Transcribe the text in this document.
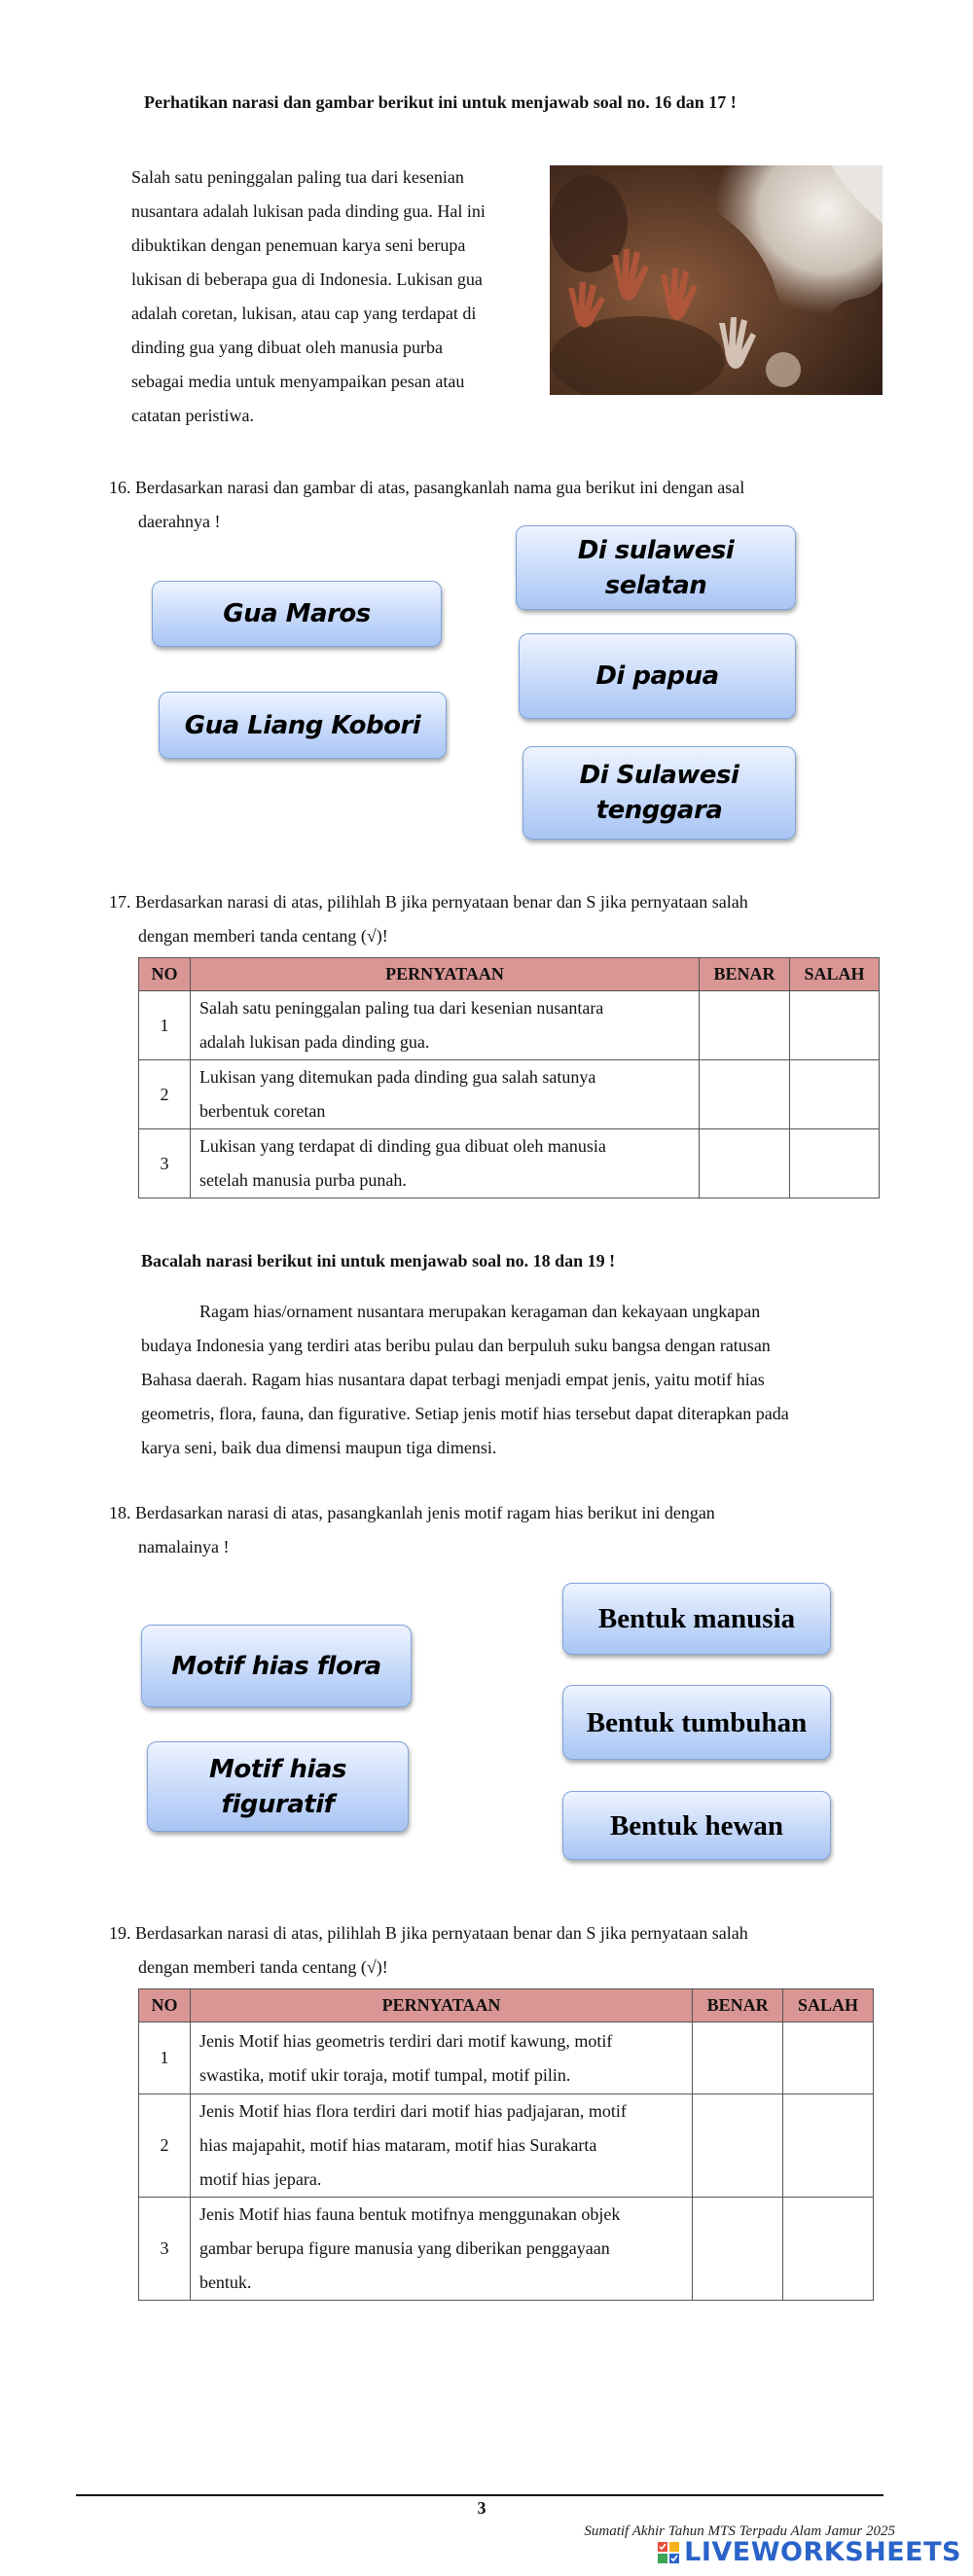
Perhatikan narasi dan gambar berikut ini untuk menjawab soal no. 16 dan 17 !
Salah satu peninggalan paling tua dari kesenian
nusantara adalah lukisan pada dinding gua. Hal ini
dibuktikan dengan penemuan karya seni berupa
lukisan di beberapa gua di Indonesia. Lukisan gua
adalah coretan, lukisan, atau cap yang terdapat di
dinding gua yang dibuat oleh manusia purba
sebagai media untuk menyampaikan pesan atau
catatan peristiwa.
16. Berdasarkan narasi dan gambar di atas, pasangkanlah nama gua berikut ini dengan asal
daerahnya !
Gua Maros
Gua Liang Kobori
Di sulawesi
selatan
Di papua
Di Sulawesi
tenggara
17. Berdasarkan narasi di atas, pilihlah B jika pernyataan benar dan S jika pernyataan salah
dengan memberi tanda centang (√)!
NO	PERNYATAAN	BENAR	SALAH
1	Salah satu peninggalan paling tua dari kesenian nusantara
adalah lukisan pada dinding gua.		

2	Lukisan yang ditemukan pada dinding gua salah satunya
berbentuk coretan		

3	Lukisan yang terdapat di dinding gua dibuat oleh manusia
setelah manusia purba punah.		

Bacalah narasi berikut ini untuk menjawab soal no. 18 dan 19 !
Ragam hias/ornament nusantara merupakan keragaman dan kekayaan ungkapan
budaya Indonesia yang terdiri atas beribu pulau dan berpuluh suku bangsa dengan ratusan
Bahasa daerah. Ragam hias nusantara dapat terbagi menjadi empat jenis, yaitu motif hias
geometris, flora, fauna, dan figurative. Setiap jenis motif hias tersebut dapat diterapkan pada
karya seni, baik dua dimensi maupun tiga dimensi.
18. Berdasarkan narasi di atas, pasangkanlah jenis motif ragam hias berikut ini dengan
namalainya !
Motif hias flora
Motif hias
figuratif
Bentuk manusia
Bentuk tumbuhan
Bentuk hewan
19. Berdasarkan narasi di atas, pilihlah B jika pernyataan benar dan S jika pernyataan salah
dengan memberi tanda centang (√)!
NO	PERNYATAAN	BENAR	SALAH
1	Jenis Motif hias geometris terdiri dari motif kawung, motif
swastika, motif ukir toraja, motif tumpal, motif pilin.		

2	Jenis Motif hias flora terdiri dari motif hias padjajaran, motif
hias majapahit, motif hias mataram, motif hias Surakarta
motif hias jepara.		

3	Jenis Motif hias fauna bentuk motifnya menggunakan objek
gambar berupa figure manusia yang diberikan penggayaan
bentuk.		

3
Sumatif Akhir Tahun MTS Terpadu Alam Jamur 2025
LIVEWORKSHEETS
